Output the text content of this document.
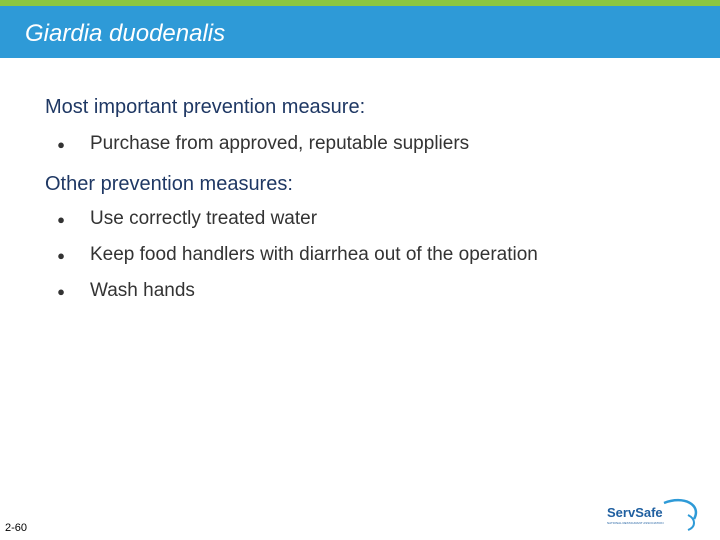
Giardia duodenalis
Most important prevention measure:
● Purchase from approved, reputable suppliers
Other prevention measures:
● Use correctly treated water
● Keep food handlers with diarrhea out of the operation
● Wash hands
2-60
ServSafe
NATIONAL RESTAURANT ASSOCIATION
